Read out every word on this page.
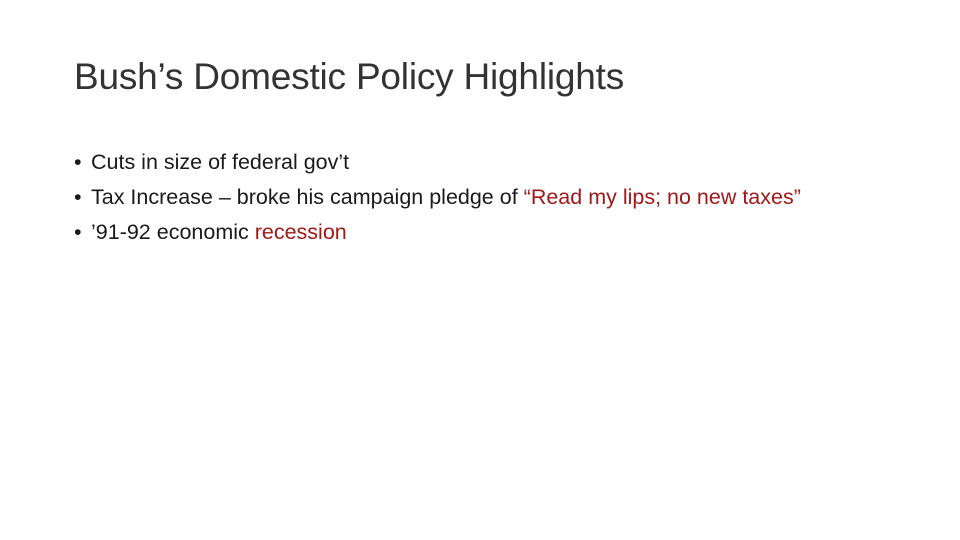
Bush’s Domestic Policy Highlights
• Cuts in size of federal gov’t
• Tax Increase – broke his campaign pledge of “Read my lips; no new taxes”
• ’91-92 economic recession
